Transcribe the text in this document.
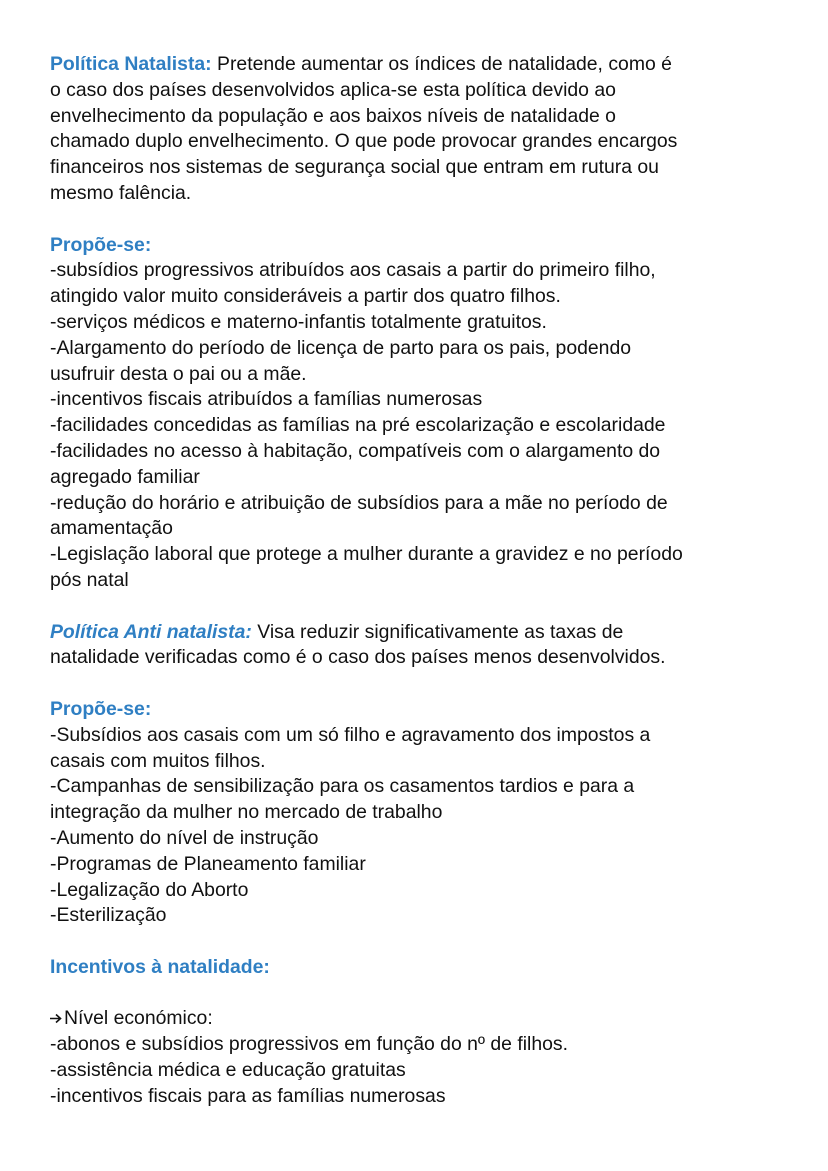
Política Natalista: Pretende aumentar os índices de natalidade, como é
o caso dos países desenvolvidos aplica-se esta política devido ao
envelhecimento da população e aos baixos níveis de natalidade o
chamado duplo envelhecimento. O que pode provocar grandes encargos
financeiros nos sistemas de segurança social que entram em rutura ou
mesmo falência.
Propõe-se:
-subsídios progressivos atribuídos aos casais a partir do primeiro filho,
atingido valor muito consideráveis a partir dos quatro filhos.
-serviços médicos e materno-infantis totalmente gratuitos.
-Alargamento do período de licença de parto para os pais, podendo
usufruir desta o pai ou a mãe.
-incentivos fiscais atribuídos a famílias numerosas
-facilidades concedidas as famílias na pré escolarização e escolaridade
-facilidades no acesso à habitação, compatíveis com o alargamento do
agregado familiar
-redução do horário e atribuição de subsídios para a mãe no período de
amamentação
-Legislação laboral que protege a mulher durante a gravidez e no período
pós natal
Política Anti natalista: Visa reduzir significativamente as taxas de
natalidade verificadas como é o caso dos países menos desenvolvidos.
Propõe-se:
-Subsídios aos casais com um só filho e agravamento dos impostos a
casais com muitos filhos.
-Campanhas de sensibilização para os casamentos tardios e para a
integração da mulher no mercado de trabalho
-Aumento do nível de instrução
-Programas de Planeamento familiar
-Legalização do Aborto
-Esterilização
Incentivos à natalidade:
Nível económico:
-abonos e subsídios progressivos em função do nº de filhos.
-assistência médica e educação gratuitas
-incentivos fiscais para as famílias numerosas
